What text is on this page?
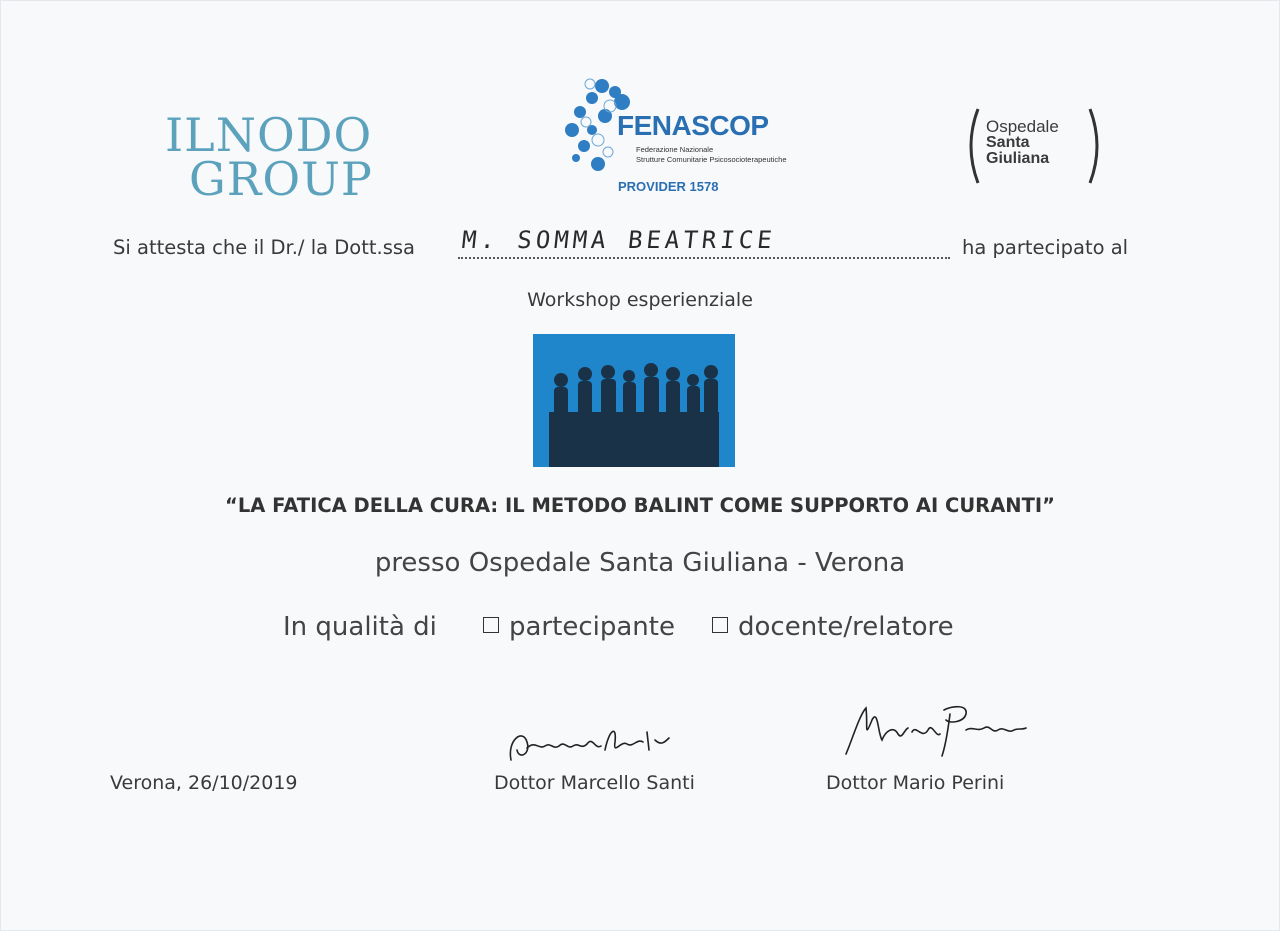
ILNODO
GROUP
FENASCOP
Federazione Nazionale
Strutture Comunitarie Psicosocioterapeutiche
PROVIDER 1578
Ospedale
Santa
Giuliana
Si attesta che il Dr./ la Dott.ssa M. SOMMA BEATRICE	ha partecipato al
Workshop esperienziale
“LA FATICA DELLA CURA: IL METODO BALINT COME SUPPORTO AI CURANTI”
presso Ospedale Santa Giuliana - Verona
In qualità di	partecipante	docente/relatore
Verona, 26/10/2019	Dottor Marcello Santi	Dottor Mario Perini
